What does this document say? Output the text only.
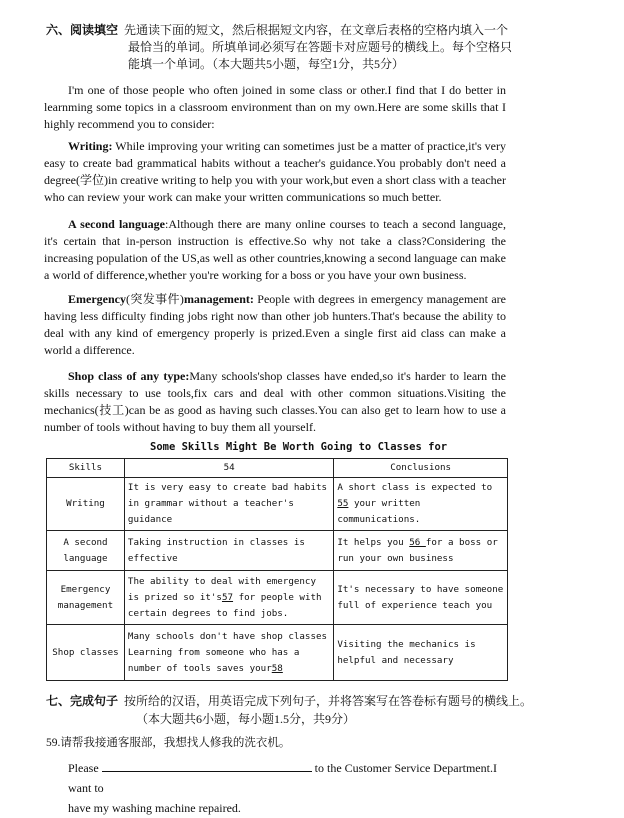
六、阅读填空 先通读下面的短文，然后根据短文内容，在文章后表格的空格内填入一个
最恰当的单词。所填单词必须写在答题卡对应题号的横线上。每个空格只
能填一个单词。（本大题共5小题，每空1分，共5分）
I'm one of those people who often joined in some class or other.I find that I do better in learnming some topics in a classroom environment than on my own.Here are some skills that I highly recommend you to consider:
Writing: While improving your writing can sometimes just be a matter of practice,it's very easy to create bad grammatical habits without a teacher's guidance.You probably don't need a degree(学位)in creative writing to help you with your work,but even a short class with a teacher who can review your work can make your written communications so much better.
A second language:Although there are many online courses to teach a second language, it's certain that in-person instruction is effective.So why not take a class?Considering the increasing population of the US,as well as other countries,knowing a second language can make a world of difference,whether you're working for a boss or you have your own business.
Emergency(突发事件)management: People with degrees in emergency management are having less difficulty finding jobs right now than other job hunters.That's because the ability to deal with any kind of emergency properly is prized.Even a single first aid class can make a world a difference.
Shop class of any type:Many schools'shop classes have ended,so it's harder to learn the skills necessary to use tools,fix cars and deal with other common situations.Visiting the mechanics(技工)can be as good as having such classes.You can also get to learn how to use a number of tools without having to buy them all yourself.
Some Skills Might Be Worth Going to Classes for
Skills	54	Conclusions
Writing	It is very easy to create bad habits in grammar without a teacher's guidance	A short class is expected to 55 your written communications.
A second language	Taking instruction in classes is effective	It helps you 56 for a boss or run your own business
Emergency management	The ability to deal with emergency is prized so it's57 for people with certain degrees to find jobs.	It's necessary to have someone full of experience teach you
Shop classes	Many schools don't have shop classes Learning from someone who has a number of tools saves your58	Visiting the mechanics is helpful and necessary
七、完成句子 按所给的汉语，用英语完成下列句子，并将答案写在答卷标有题号的横线上。
（本大题共6小题，每小题1.5分，共9分）
59.请帮我接通客服部，我想找人修我的洗衣机。
Please	to the Customer Service Department.I want to
have my washing machine repaired.
